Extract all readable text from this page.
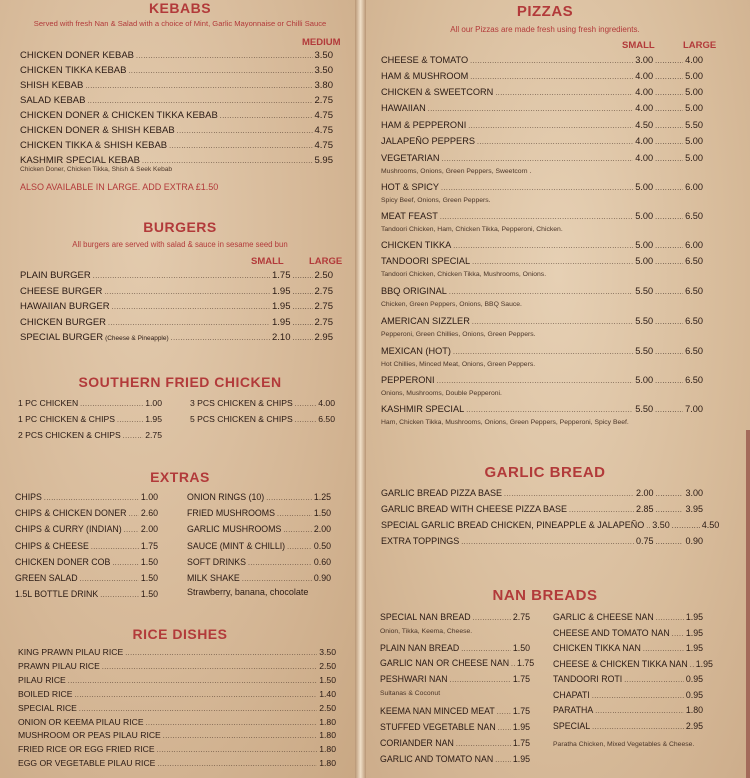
KEBABS
Served with fresh Nan & Salad with a choice of Mint, Garlic Mayonnaise or Chilli Sauce
MEDIUM
CHICKEN DONER KEBAB .....	3.50
CHICKEN TIKKA KEBAB .....	3.50
SHISH KEBAB .....	3.80
SALAD KEBAB .....	2.75
CHICKEN DONER & CHICKEN TIKKA KEBAB .....	4.75
CHICKEN DONER & SHISH KEBAB .....	4.75
CHICKEN TIKKA & SHISH KEBAB .....	4.75
KASHMIR SPECIAL KEBAB .....	5.95
Chicken Doner, Chicken Tikka, Shish & Seek Kebab
ALSO AVAILABLE IN LARGE. ADD EXTRA £1.50
BURGERS
All burgers are served with salad & sauce in sesame seed bun
SMALL	LARGE
PLAIN BURGER .....	1.75 .....	2.50
CHEESE BURGER .....	1.95 .....	2.75
HAWAIIAN BURGER .....	1.95 .....	2.75
CHICKEN BURGER .....	1.95 .....	2.75
SPECIAL BURGER (Cheese & Pineapple) .....	2.10 .....	2.95
SOUTHERN FRIED CHICKEN
1 PC CHICKEN .....	1.00
1 PC CHICKEN & CHIPS .....	1.95
2 PCS CHICKEN & CHIPS .....	2.75
3 PCS CHICKEN & CHIPS .....	4.00
5 PCS CHICKEN & CHIPS .....	6.50
EXTRAS
CHIPS .....	1.00
CHIPS & CHICKEN DONER ..... 2.60
CHIPS & CURRY (INDIAN) ..... 2.00
CHIPS & CHEESE .....	1.75
CHICKEN DONER COB .....	1.50
GREEN SALAD .....	1.50
1.5L BOTTLE DRINK .....	1.50
ONION RINGS (10) .....	1.25
FRIED MUSHROOMS .....	1.50
GARLIC MUSHROOMS .....	2.00
SAUCE (MINT & CHILLI) .....	0.50
SOFT DRINKS .....	0.60
MILK SHAKE .....	0.90
Strawberry, banana, chocolate
RICE DISHES
KING PRAWN PILAU RICE .....	3.50
PRAWN PILAU RICE .....	2.50
PILAU RICE .....	1.50
BOILED RICE .....	1.40
SPECIAL RICE .....	2.50
ONION OR KEEMA PILAU RICE .....	1.80
MUSHROOM OR PEAS PILAU RICE .....	1.80
FRIED RICE OR EGG FRIED RICE .....	1.80
EGG OR VEGETABLE PILAU RICE .....	1.80
PIZZAS
All our Pizzas are made fresh using fresh ingredients.
SMALL	LARGE
CHEESE & TOMATO .....	3.00 .....	4.00
HAM & MUSHROOM .....	4.00 .....	5.00
CHICKEN & SWEETCORN .....	4.00 .....	5.00
HAWAIIAN .....	4.00 .....	5.00
HAM & PEPPERONI .....	4.50 .....	5.50
JALAPEÑO PEPPERS .....	4.00 .....	5.00
VEGETARIAN .....	4.00 .....	5.00
Mushrooms, Onions, Green Peppers, Sweetcorn .
HOT & SPICY .....	5.00 .....	6.00
Spicy Beef, Onions, Green Peppers.
MEAT FEAST .....	5.00 .....	6.50
Tandoori Chicken, Ham, Chicken Tikka, Pepperoni, Chicken.
CHICKEN TIKKA .....	5.00 .....	6.00
TANDOORI SPECIAL .....	5.00 .....	6.50
Tandoori Chicken, Chicken Tikka, Mushrooms, Onions.
BBQ ORIGINAL .....	5.50 .....	6.50
Chicken, Green Peppers, Onions, BBQ Sauce.
AMERICAN SIZZLER .....	5.50 .....	6.50
Pepperoni, Green Chillies, Onions, Green Peppers.
MEXICAN (HOT) .....	5.50 .....	6.50
Hot Chillies, Minced Meat, Onions, Green Peppers.
PEPPERONI .....	5.00 .....	6.50
Onions, Mushrooms, Double Pepperoni.
KASHMIR SPECIAL .....	5.50 .....	7.00
Ham, Chicken Tikka, Mushrooms, Onions, Green Peppers, Pepperoni, Spicy Beef.
GARLIC BREAD
GARLIC BREAD PIZZA BASE .....	2.00 .....	3.00
GARLIC BREAD WITH CHEESE PIZZA BASE .....	2.85 .....	3.95
SPECIAL GARLIC BREAD CHICKEN, PINEAPPLE & JALAPEÑO ..... 3.50 .....	4.50
EXTRA TOPPINGS .....	0.75 .....	0.90
NAN BREADS
SPECIAL NAN BREAD .....	2.75
Onion, Tikka, Keema, Cheese.
PLAIN NAN BREAD .....	1.50
GARLIC NAN OR CHEESE NAN ..... 1.75
PESHWARI NAN .....	1.75
Sultanas & Coconut
KEEMA NAN MINCED MEAT ..... 1.75
STUFFED VEGETABLE NAN ..... 1.95
CORIANDER NAN .....	1.75
GARLIC AND TOMATO NAN ..... 1.95
GARLIC & CHEESE NAN .....	1.95
CHEESE AND TOMATO NAN ..... 1.95
CHICKEN TIKKA NAN .....	1.95
CHEESE & CHICKEN TIKKA NAN ..... 1.95
TANDOORI ROTI .....	0.95
CHAPATI .....	0.95
PARATHA .....	1.80
SPECIAL .....	2.95
Paratha Chicken, Mixed Vegetables & Cheese.
